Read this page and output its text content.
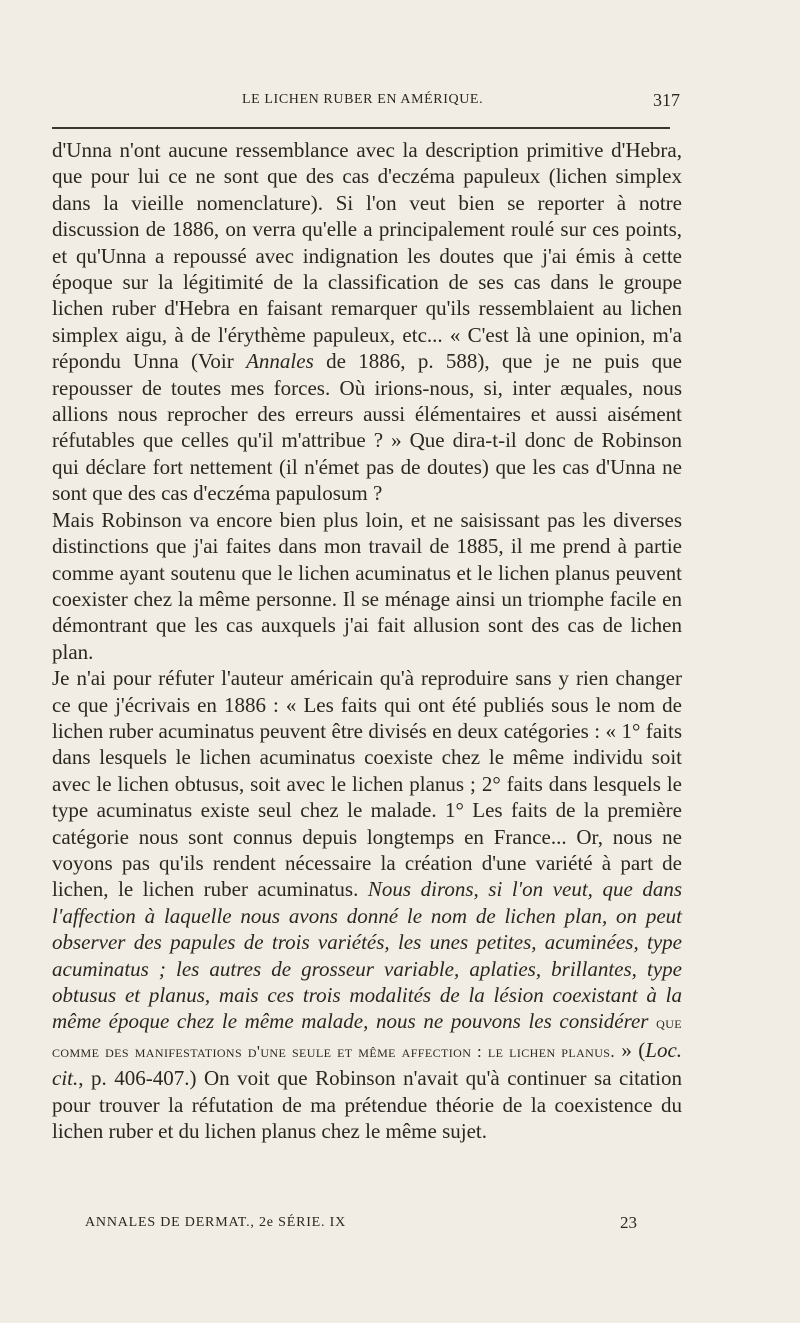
LE LICHEN RUBER EN AMÉRIQUE.	317

d'Unna n'ont aucune ressemblance avec la description primitive d'Hebra, que pour lui ce ne sont que des cas d'eczéma papuleux (lichen simplex dans la vieille nomenclature). Si l'on veut bien se reporter à notre discussion de 1886, on verra qu'elle a principalement roulé sur ces points, et qu'Unna a repoussé avec indignation les doutes que j'ai émis à cette époque sur la légitimité de la classification de ses cas dans le groupe lichen ruber d'Hebra en faisant remarquer qu'ils ressemblaient au lichen simplex aigu, à de l'érythème papuleux, etc... « C'est là une opinion, m'a répondu Unna (Voir Annales de 1886, p. 588), que je ne puis que repousser de toutes mes forces. Où irions-nous, si, inter æquales, nous allions nous reprocher des erreurs aussi élémentaires et aussi aisément réfutables que celles qu'il m'attribue ? » Que dira-t-il donc de Robinson qui déclare fort nettement (il n'émet pas de doutes) que les cas d'Unna ne sont que des cas d'eczéma papulosum ?

Mais Robinson va encore bien plus loin, et ne saisissant pas les diverses distinctions que j'ai faites dans mon travail de 1885, il me prend à partie comme ayant soutenu que le lichen acuminatus et le lichen planus peuvent coexister chez la même personne. Il se ménage ainsi un triomphe facile en démontrant que les cas auxquels j'ai fait allusion sont des cas de lichen plan.

Je n'ai pour réfuter l'auteur américain qu'à reproduire sans y rien changer ce que j'écrivais en 1886 : « Les faits qui ont été publiés sous le nom de lichen ruber acuminatus peuvent être divisés en deux catégories : « 1° faits dans lesquels le lichen acuminatus coexiste chez le même individu soit avec le lichen obtusus, soit avec le lichen planus ; 2° faits dans lesquels le type acuminatus existe seul chez le malade. 1° Les faits de la première catégorie nous sont connus depuis longtemps en France... Or, nous ne voyons pas qu'ils rendent nécessaire la création d'une variété à part de lichen, le lichen ruber acuminatus. Nous dirons, si l'on veut, que dans l'affection à laquelle nous avons donné le nom de lichen plan, on peut observer des papules de trois variétés, les unes petites, acuminées, type acuminatus ; les autres de grosseur variable, aplaties, brillantes, type obtusus et planus, mais ces trois modalités de la lésion coexistant à la même époque chez le même malade, nous ne pouvons les considérer que comme des manifestations d'une seule et même affection : le lichen planus. » (Loc. cit., p. 406-407.) On voit que Robinson n'avait qu'à continuer sa citation pour trouver la réfutation de ma prétendue théorie de la coexistence du lichen ruber et du lichen planus chez le même sujet.

ANNALES DE DERMAT., 2e SÉRIE. IX	23
